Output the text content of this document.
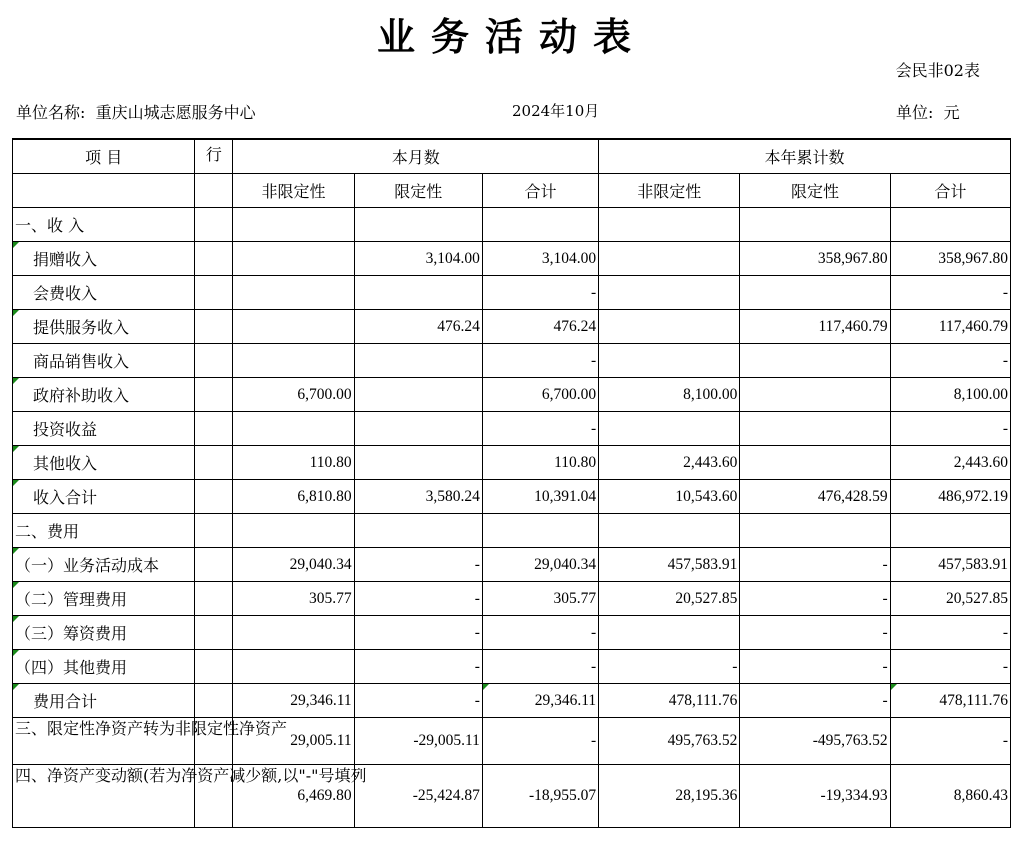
业务活动表
会民非02表
单位名称: 重庆山城志愿服务中心	2024年10月	单位: 元
项 目	行	本月数			本年累计数		
		非限定性	限定性	合计	非限定性	限定性	合计
一、收 入							
捐赠收入			3,104.00	3,104.00		358,967.80	358,967.80
会费收入				-			-
提供服务收入			476.24	476.24		117,460.79	117,460.79
商品销售收入				-			-
政府补助收入		6,700.00		6,700.00	8,100.00		8,100.00
投资收益				-			-
其他收入		110.80		110.80	2,443.60		2,443.60
收入合计		6,810.80	3,580.24	10,391.04	10,543.60	476,428.59	486,972.19
二、费用							
（一）业务活动成本		29,040.34	-	29,040.34	457,583.91	-	457,583.91
（二）管理费用		305.77	-	305.77	20,527.85	-	20,527.85
（三）筹资费用			-	-		-	-
（四）其他费用			-	-	-	-	-
费用合计		29,346.11	-	29,346.11	478,111.76	-	478,111.76
三、限定性净资产转为非限定性净资产		29,005.11	-29,005.11	-	495,763.52	-495,763.52	-
四、净资产变动额(若为净资产减少额,以"-"号填列		6,469.80	-25,424.87	-18,955.07	28,195.36	-19,334.93	8,860.43
